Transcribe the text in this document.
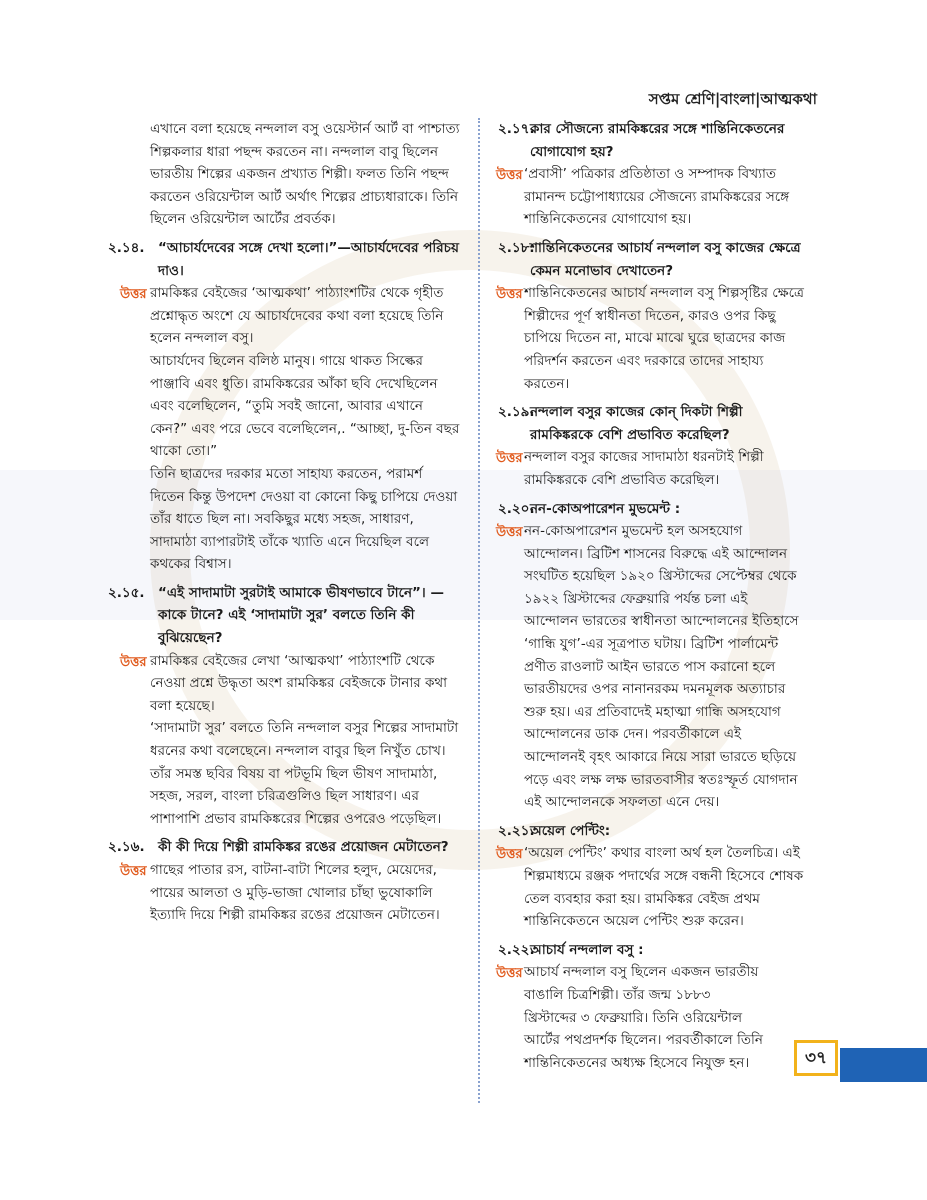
সপ্তম শ্রেণি|বাংলা|আত্মকথা

এখানে বলা হয়েছে নন্দলাল বসু ওয়েস্টার্ন আর্ট বা পাশ্চাত্য শিল্পকলার ধারা পছন্দ করতেন না। নন্দলাল বাবু ছিলেন ভারতীয় শিল্পের একজন প্রখ্যাত শিল্পী। ফলত তিনি পছন্দ করতেন ওরিয়েন্টাল আর্ট অর্থাৎ শিল্পের প্রাচ্যধারাকে। তিনি ছিলেন ওরিয়েন্টাল আর্টের প্রবর্তক।

২.১৪. “আচার্যদেবের সঙ্গে দেখা হলো।”—আচার্যদেবের পরিচয় দাও।
উত্তর রামকিঙ্কর বেইজের ‘আত্মকথা’ পাঠ্যাংশটির থেকে গৃহীত প্রশ্নোদ্ধৃত অংশে যে আচার্যদেবের কথা বলা হয়েছে তিনি হলেন নন্দলাল বসু।

আচার্যদেব ছিলেন বলিষ্ঠ মানুষ। গায়ে থাকত সিল্কের পাঞ্জাবি এবং ধুতি। রামকিঙ্করের আঁকা ছবি দেখেছিলেন এবং বলেছিলেন, “তুমি সবই জানো, আবার এখানে কেন?” এবং পরে ভেবে বলেছিলেন,. “আচ্ছা, দু-তিন বছর থাকো তো।”

তিনি ছাত্রদের দরকার মতো সাহায্য করতেন, পরামর্শ দিতেন কিন্তু উপদেশ দেওয়া বা কোনো কিছু চাপিয়ে দেওয়া তাঁর ধাতে ছিল না। সবকিছুর মধ্যে সহজ, সাধারণ, সাদামাঠা ব্যাপারটাই তাঁকে খ্যাতি এনে দিয়েছিল বলে কথকের বিশ্বাস।

২.১৫. “এই সাদামাটা সুরটাই আমাকে ভীষণভাবে টানে”। —কাকে টানে? এই ‘সাদামাটা সুর’ বলতে তিনি কী বুঝিয়েছেন?
উত্তর রামকিঙ্কর বেইজের লেখা ‘আত্মকথা’ পাঠ্যাংশটি থেকে নেওয়া প্রশ্নে উদ্ধৃতা অংশ রামকিঙ্কর বেইজকে টানার কথা বলা হয়েছে।

‘সাদামাটা সুর’ বলতে তিনি নন্দলাল বসুর শিল্পের সাদামাটা ধরনের কথা বলেছেনে। নন্দলাল বাবুর ছিল নিখুঁত চোখ। তাঁর সমস্ত ছবির বিষয় বা পটভূমি ছিল ভীষণ সাদামাঠা, সহজ, সরল, বাংলা চরিত্রগুলিও ছিল সাধারণ। এর পাশাপাশি প্রভাব রামকিঙ্করের শিল্পের ওপরেও পড়েছিল।

২.১৬. কী কী দিয়ে শিল্পী রামকিঙ্কর রঙের প্রয়োজন মেটাতেন?
উত্তর গাছের পাতার রস, বাটনা-বাটা শিলের হলুদ, মেয়েদের, পায়ের আলতা ও মুড়ি-ভাজা খোলার চাঁছা ভুষোকালি ইত্যাদি দিয়ে শিল্পী রামকিঙ্কর রঙের প্রয়োজন মেটাতেন।

২.১৭.
কার সৌজন্যে রামকিঙ্করের সঙ্গে শান্তিনিকেতনের যোগাযোগ হয়?
উত্তর ‘প্রবাসী’ পত্রিকার প্রতিষ্ঠাতা ও সম্পাদক বিখ্যাত রামানন্দ চট্টোপাধ্যায়ের সৌজন্যে রামকিঙ্করের সঙ্গে শান্তিনিকেতনের যোগাযোগ হয়।

২.১৮.
শান্তিনিকেতনের আচার্য নন্দলাল বসু কাজের ক্ষেত্রে কেমন মনোভাব দেখাতেন?
উত্তর শান্তিনিকেতনের আচার্য নন্দলাল বসু শিল্পসৃষ্টির ক্ষেত্রে শিল্পীদের পূর্ণ স্বাধীনতা দিতেন, কারও ওপর কিছু চাপিয়ে দিতেন না, মাঝে মাঝে ঘুরে ছাত্রদের কাজ পরিদর্শন করতেন এবং দরকারে তাদের সাহায্য করতেন।

২.১৯.
নন্দলাল বসুর কাজের কোন্ দিকটা শিল্পী রামকিঙ্করকে বেশি প্রভাবিত করেছিল?
উত্তর নন্দলাল বসুর কাজের সাদামাঠা ধরনটাই শিল্পী রামকিঙ্করকে বেশি প্রভাবিত করেছিল।

২.২০.
নন-কোঅপারেশন মুভমেন্ট :
উত্তর নন-কোঅপারেশন মুভমেন্ট হল অসহযোগ আন্দোলন। ব্রিটিশ শাসনের বিরুদ্ধে এই আন্দোলন সংঘটিত হয়েছিল ১৯২০ খ্রিস্টাব্দের সেপ্টেম্বর থেকে ১৯২২ খ্রিস্টাব্দের ফেব্রুয়ারি পর্যন্ত চলা এই আন্দোলন ভারতের স্বাধীনতা আন্দোলনের ইতিহাসে ‘গান্ধি যুগ’-এর সূত্রপাত ঘটায়। ব্রিটিশ পার্লামেন্ট প্রণীত রাওলাট আইন ভারতে পাস করানো হলে ভারতীয়দের ওপর নানানরকম দমনমূলক অত্যাচার শুরু হয়। এর প্রতিবাদেই মহাত্মা গান্ধি অসহযোগ আন্দোলনের ডাক দেন। পরবর্তীকালে এই আন্দোলনই বৃহৎ আকারে নিয়ে সারা ভারতে ছড়িয়ে পড়ে এবং লক্ষ লক্ষ ভারতবাসীর স্বতঃস্ফূর্ত যোগদান এই আন্দোলনকে সফলতা এনে দেয়।

২.২১.
অয়েল পেন্টিং:
উত্তর ‘অয়েল পেন্টিং’ কথার বাংলা অর্থ হল তৈলচিত্র। এই শিল্পমাধ্যমে রঞ্জক পদার্থের সঙ্গে বন্ধনী হিসেবে শোষক তেল ব্যবহার করা হয়। রামকিঙ্কর বেইজ প্রথম শান্তিনিকেতনে অয়েল পেন্টিং শুরু করেন।

২.২২.
আচার্য নন্দলাল বসু :
উত্তর আচার্য নন্দলাল বসু ছিলেন একজন ভারতীয় বাঙালি চিত্রশিল্পী। তাঁর জন্ম ১৮৮৩ খ্রিস্টাব্দের ৩ ফেব্রুয়ারি। তিনি ওরিয়েন্টাল আর্টের পথপ্রদর্শক ছিলেন। পরবর্তীকালে তিনি শান্তিনিকেতনের অধ্যক্ষ হিসেবে নিযুক্ত হন।	৩৭
